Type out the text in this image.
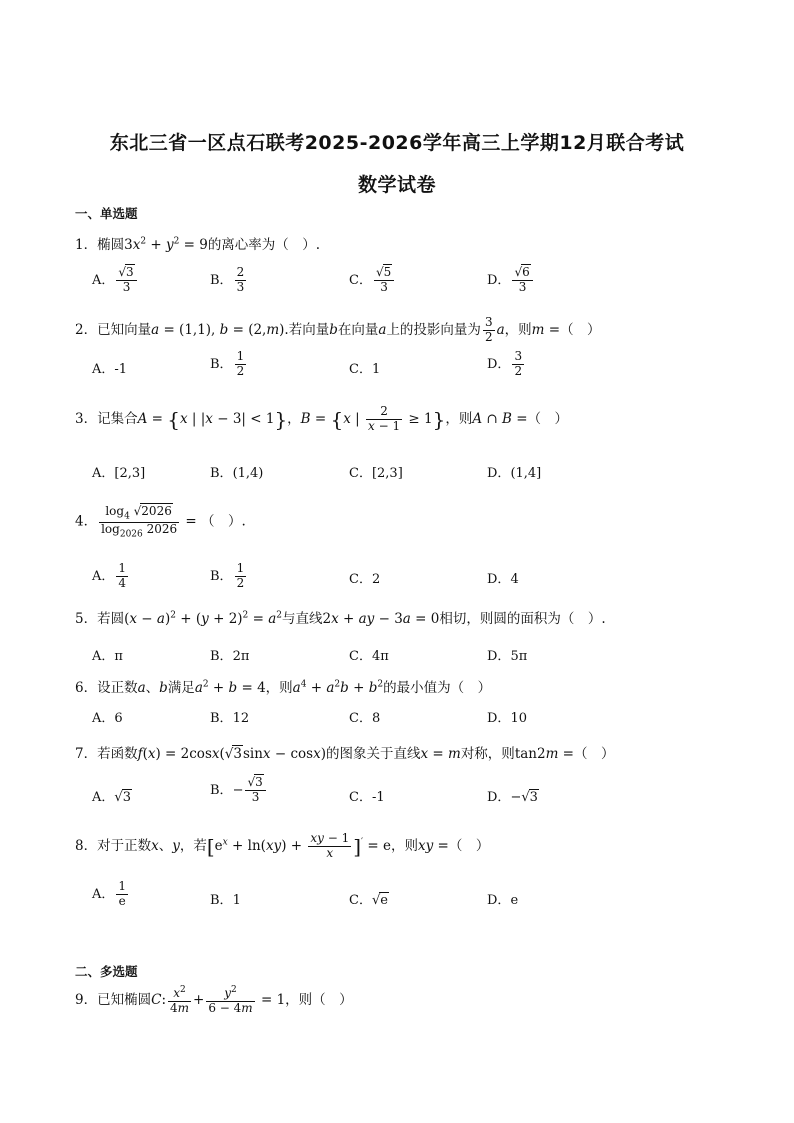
东北三省一区点石联考2025-2026学年高三上学期12月联合考试
数学试卷
一、单选题
1．椭圆$3x^2 + y^2 = 9$的离心率为（　）.
A． $\frac{√3}{3}$	B． $\frac{2}{3}$	C． $\frac{√5}{3}$	D． $\frac{√6}{3}$
2．已知向量a = (1,1), b = (2,m).若向量b在向量a上的投影向量为 $\frac{3}{2}$ a，则m =（　）
A．-1	B． $\frac{1}{2}$	C．1	D． $\frac{3}{2}$
3．记集合A = {x | |x − 3| < 1}，B = {x | $\frac{2}{x - 1} \ge 1$}，则A ∩ B =（　）
A．[2,3]	B．(1,4)	C．[2,3]	D．(1,4]
4． $\frac{\log_4 √2026}{\log_{2026} 2026}$ = （　）.
A． $\frac{1}{4}$	B． $\frac{1}{2}$	C．2	D．4
5．若圆$(x - a)^2 + (y + 2)^2 = a^2$与直线2x + ay − 3a = 0相切，则圆的面积为（　）.
A．π	B．2π	C．4π	D．5π
6．设正数a、b满足$a^2 + b = 4$，则$a^4 + a^2b + b^2$的最小值为（　）
A．6	B．12	C．8	D．10
7．若函数f(x) = 2cosx(√3sinx − cosx)的图象关于直线x = m对称，则tan2m =（　）
A．√3	B．− $\frac{√3}{3}$	C．-1	D．−√3
8．对于正数x、y，若$[e^x + \ln(xy) + \frac{xy - 1}{x} ]' = e$，则xy =（　）
A． $\frac{1}{e}$	B．1	C．√e	D．e
二、多选题
9．已知椭圆C: $\frac{x^2}{4m} + \frac{y^2}{6 - 4m} = 1$，则（　）
